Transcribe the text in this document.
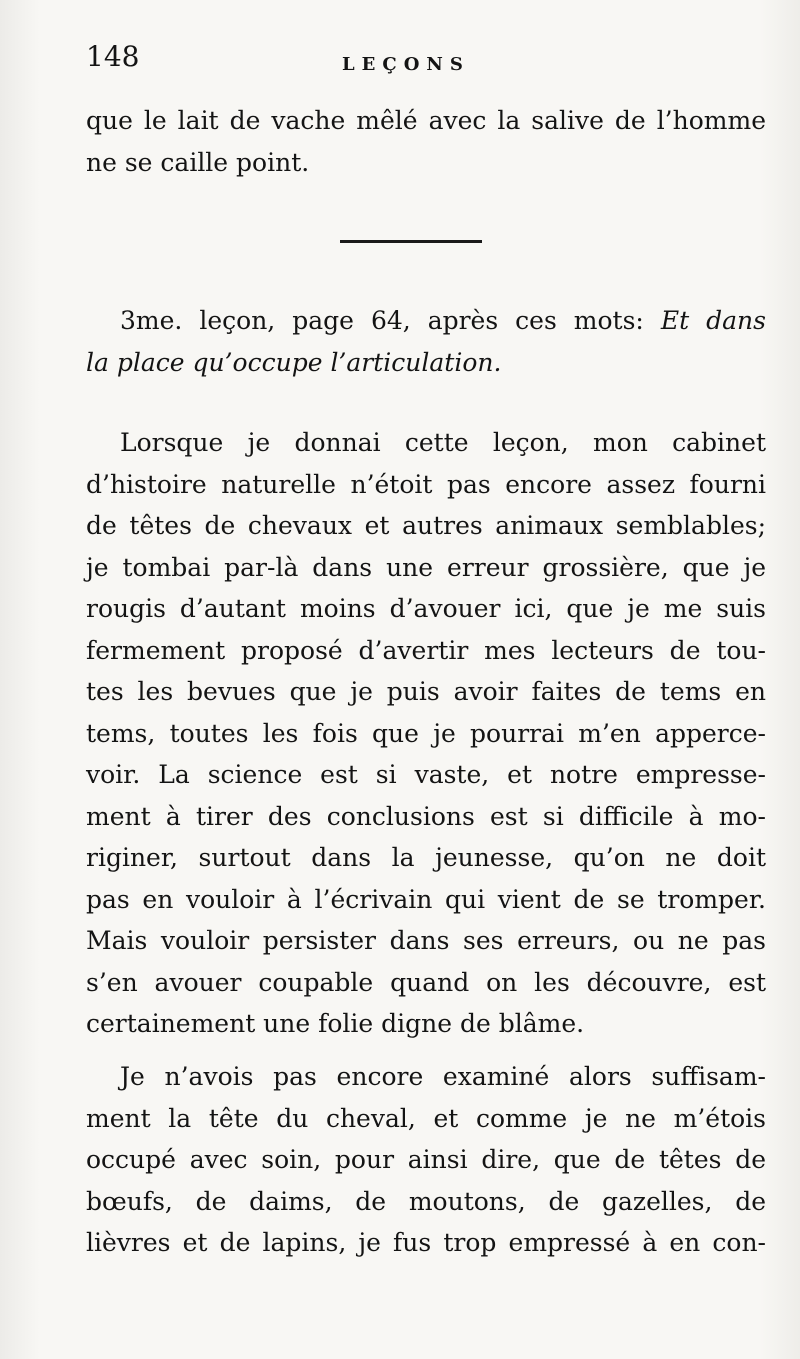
148	LEÇONS
que le lait de vache mêlé avec la salive de l’homme
ne se caille point.
3me. leçon, page 64, après ces mots: Et dans
la place qu’occupe l’articulation.
Lorsque je donnai cette leçon, mon cabinet
d’histoire naturelle n’étoit pas encore assez fourni
de têtes de chevaux et autres animaux semblables;
je tombai par-là dans une erreur grossière, que je
rougis d’autant moins d’avouer ici, que je me suis
fermement proposé d’avertir mes lecteurs de tou-
tes les bevues que je puis avoir faites de tems en
tems, toutes les fois que je pourrai m’en apperce-
voir. La science est si vaste, et notre empresse-
ment à tirer des conclusions est si difficile à mo-
riginer, surtout dans la jeunesse, qu’on ne doit
pas en vouloir à l’écrivain qui vient de se tromper.
Mais vouloir persister dans ses erreurs, ou ne pas
s’en avouer coupable quand on les découvre, est
certainement une folie digne de blâme.
Je n’avois pas encore examiné alors suffisam-
ment la tête du cheval, et comme je ne m’étois
occupé avec soin, pour ainsi dire, que de têtes de
bœufs, de daims, de moutons, de gazelles, de
lièvres et de lapins, je fus trop empressé à en con-
